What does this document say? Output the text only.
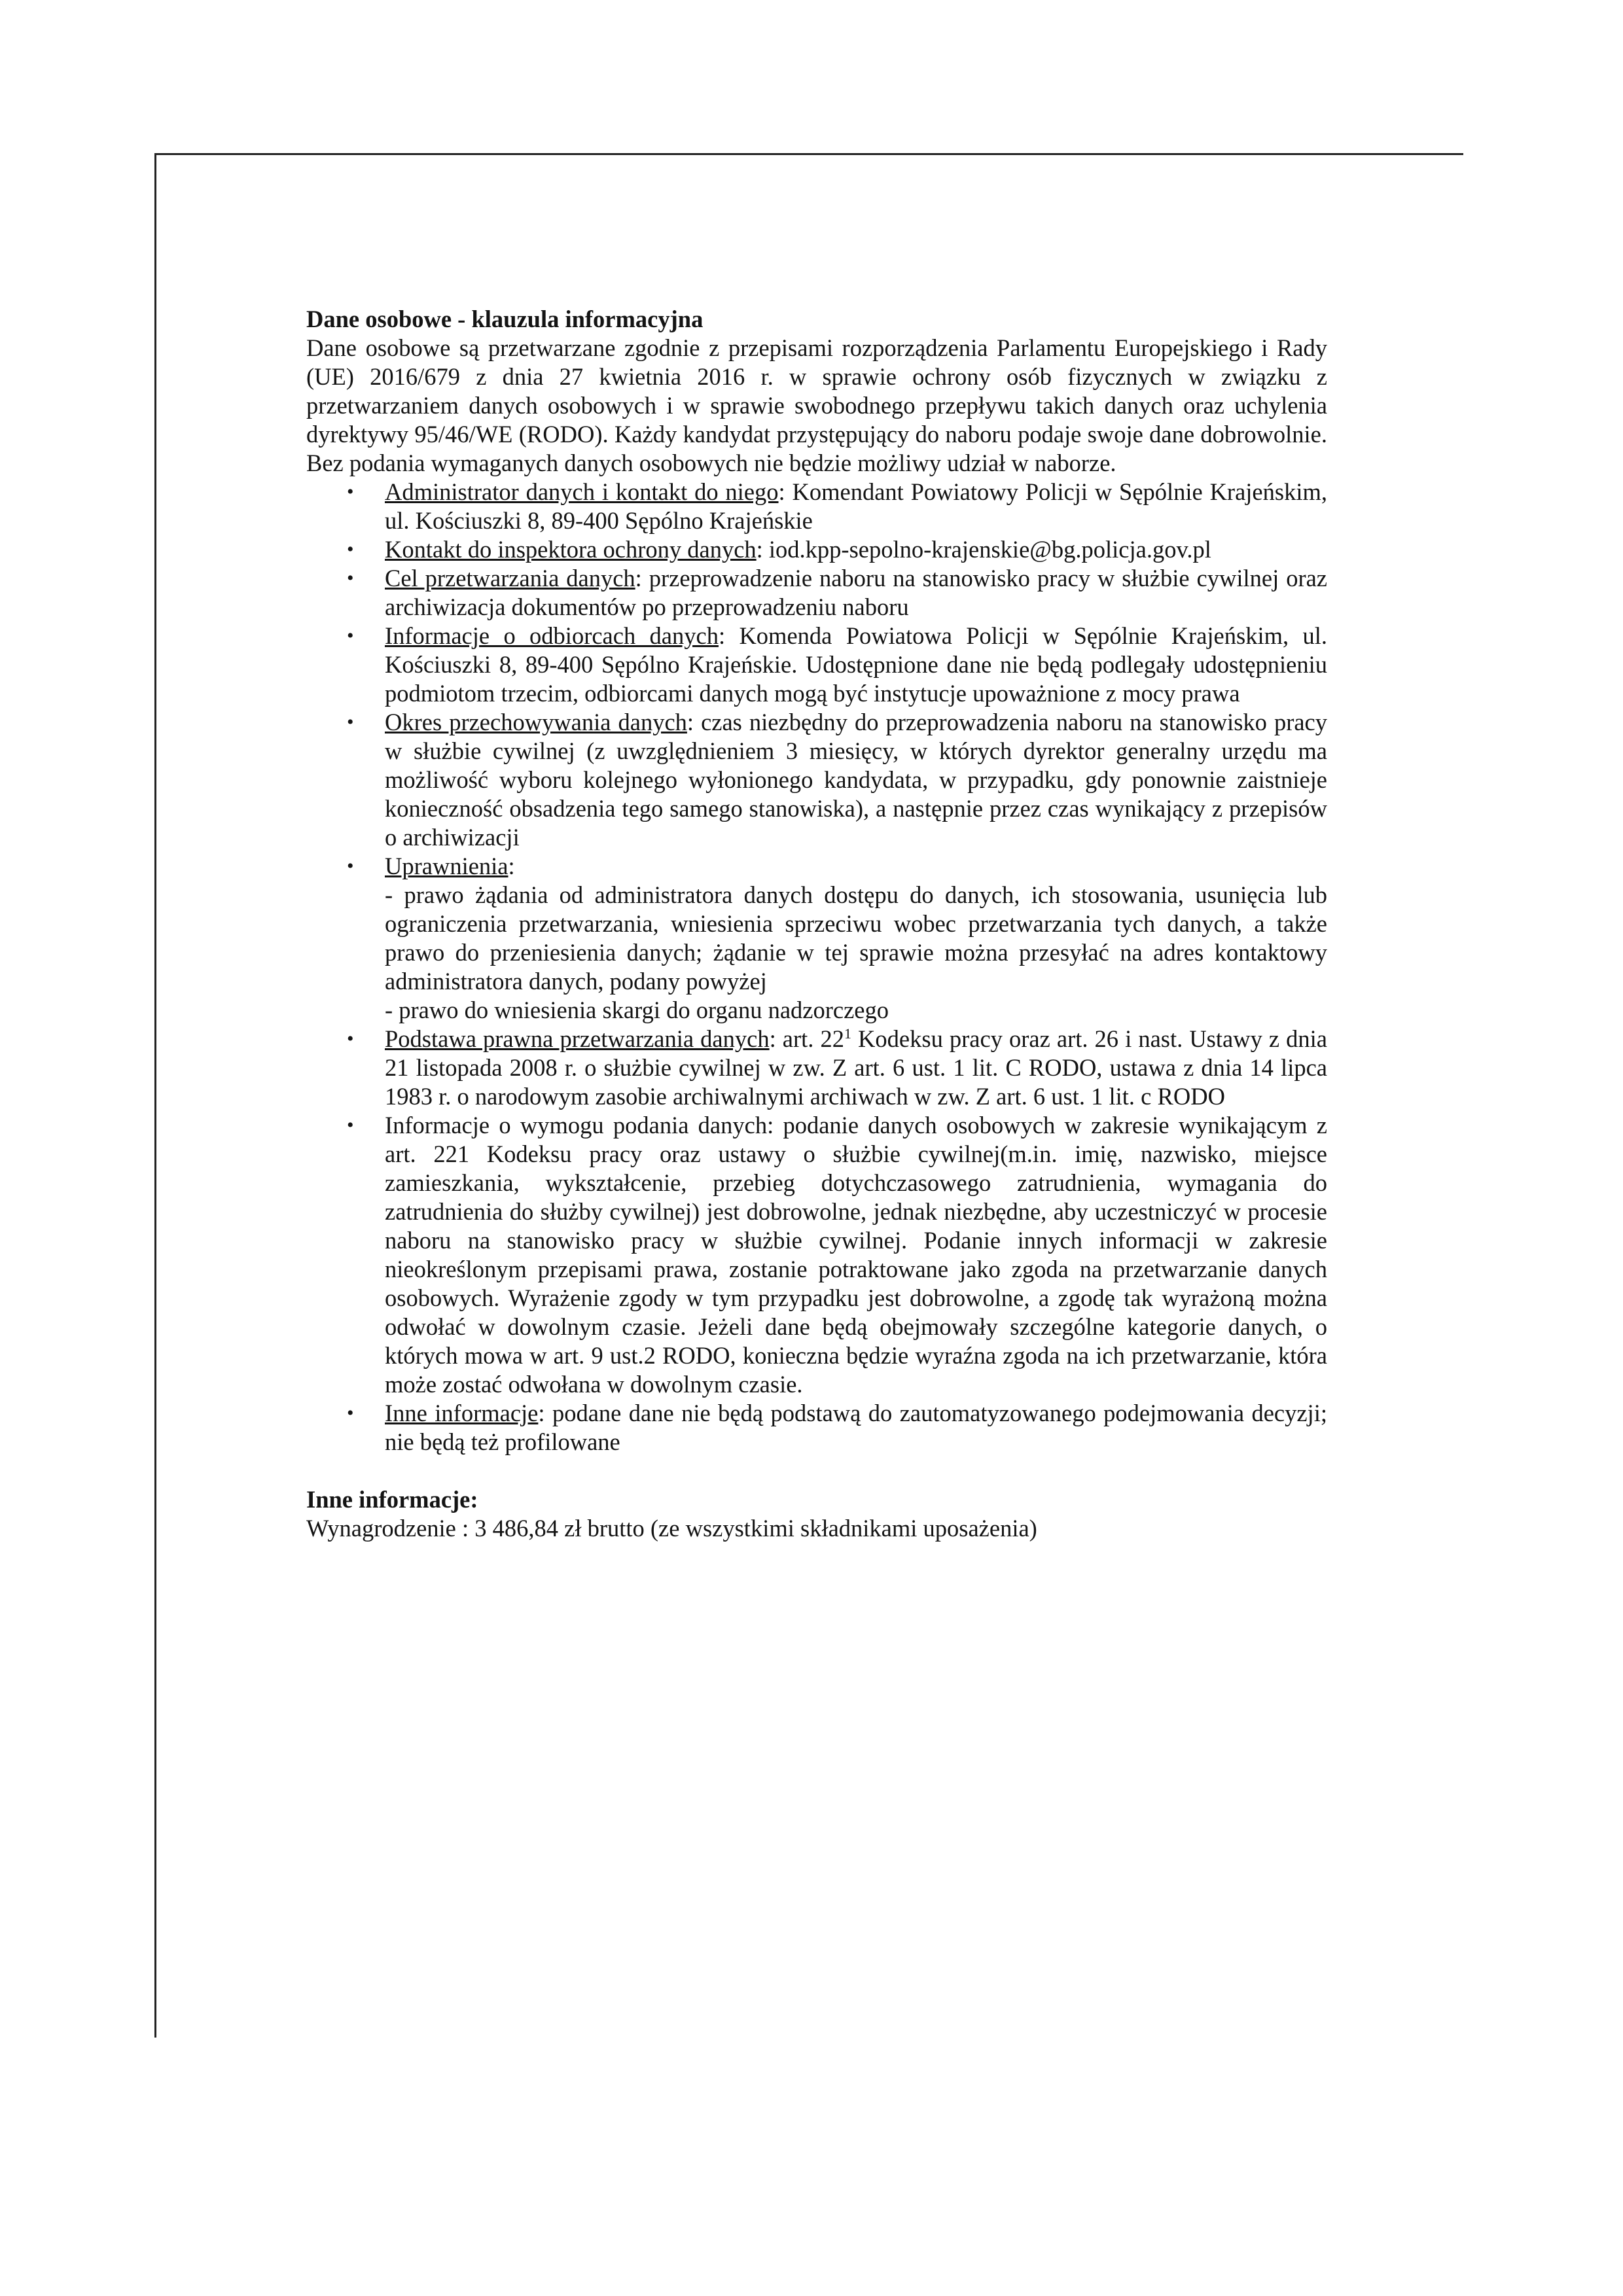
Dane osobowe - klauzula informacyjna

Dane osobowe są przetwarzane zgodnie z przepisami rozporządzenia Parlamentu Europejskiego i Rady (UE) 2016/679 z dnia 27 kwietnia 2016 r. w sprawie ochrony osób fizycznych w związku z przetwarzaniem danych osobowych i w sprawie swobodnego przepływu takich danych oraz uchylenia dyrektywy 95/46/WE (RODO). Każdy kandydat przystępujący do naboru podaje swoje dane dobrowolnie. Bez podania wymaganych danych osobowych nie będzie możliwy udział w naborze.

• Administrator danych i kontakt do niego: Komendant Powiatowy Policji w Sępólnie Krajeńskim, ul. Kościuszki 8, 89-400 Sępólno Krajeńskie
• Kontakt do inspektora ochrony danych: iod.kpp-sepolno-krajenskie@bg.policja.gov.pl
• Cel przetwarzania danych: przeprowadzenie naboru na stanowisko pracy w służbie cywilnej oraz archiwizacja dokumentów po przeprowadzeniu naboru
• Informacje o odbiorcach danych: Komenda Powiatowa Policji w Sępólnie Krajeńskim, ul. Kościuszki 8, 89-400 Sępólno Krajeńskie. Udostępnione dane nie będą podlegały udostępnieniu podmiotom trzecim, odbiorcami danych mogą być instytucje upoważnione z mocy prawa
• Okres przechowywania danych: czas niezbędny do przeprowadzenia naboru na stanowisko pracy w służbie cywilnej (z uwzględnieniem 3 miesięcy, w których dyrektor generalny urzędu ma możliwość wyboru kolejnego wyłonionego kandydata, w przypadku, gdy ponownie zaistnieje konieczność obsadzenia tego samego stanowiska), a następnie przez czas wynikający z przepisów o archiwizacji
• Uprawnienia:
- prawo żądania od administratora danych dostępu do danych, ich stosowania, usunięcia lub ograniczenia przetwarzania, wniesienia sprzeciwu wobec przetwarzania tych danych, a także prawo do przeniesienia danych; żądanie w tej sprawie można przesyłać na adres kontaktowy administratora danych, podany powyżej
- prawo do wniesienia skargi do organu nadzorczego
• Podstawa prawna przetwarzania danych: art. $22^1$ Kodeksu pracy oraz art. 26 i nast. Ustawy z dnia 21 listopada 2008 r. o służbie cywilnej w zw. Z art. 6 ust. 1 lit. C RODO, ustawa z dnia 14 lipca 1983 r. o narodowym zasobie archiwalnymi archiwach w zw. Z art. 6 ust. 1 lit. c RODO
• Informacje o wymogu podania danych: podanie danych osobowych w zakresie wynikającym z art. 221 Kodeksu pracy oraz ustawy o służbie cywilnej(m.in. imię, nazwisko, miejsce zamieszkania, wykształcenie, przebieg dotychczasowego zatrudnienia, wymagania do zatrudnienia do służby cywilnej) jest dobrowolne, jednak niezbędne, aby uczestniczyć w procesie naboru na stanowisko pracy w służbie cywilnej. Podanie innych informacji w zakresie nieokreślonym przepisami prawa, zostanie potraktowane jako zgoda na przetwarzanie danych osobowych. Wyrażenie zgody w tym przypadku jest dobrowolne, a zgodę tak wyrażoną można odwołać w dowolnym czasie. Jeżeli dane będą obejmowały szczególne kategorie danych, o których mowa w art. 9 ust.2 RODO, konieczna będzie wyraźna zgoda na ich przetwarzanie, która może zostać odwołana w dowolnym czasie.
• Inne informacje: podane dane nie będą podstawą do zautomatyzowanego podejmowania decyzji; nie będą też profilowane

Inne informacje:

Wynagrodzenie : 3 486,84 zł brutto (ze wszystkimi składnikami uposażenia)
